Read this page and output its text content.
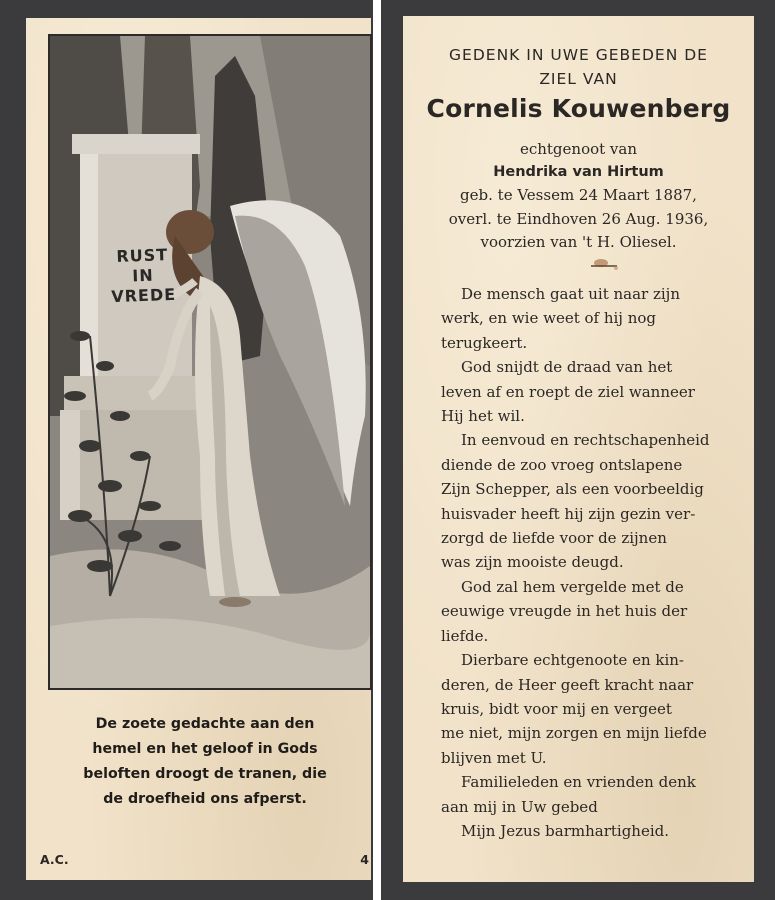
RUST
IN
VREDE
De zoete gedachte aan den
hemel en het geloof in Gods
beloften droogt de tranen, die
de droefheid ons afperst.
A.C.	4
GEDENK IN UWE GEBEDEN DE
ZIEL VAN
Cornelis Kouwenberg
echtgenoot van
Hendrika van Hirtum
geb. te Vessem 24 Maart 1887,
overl. te Eindhoven 26 Aug. 1936,
voorzien van 't H. Oliesel.
De mensch gaat uit naar zijn
werk, en wie weet of hij nog
terugkeert.
God snijdt de draad van het
leven af en roept de ziel wanneer
Hij het wil.
In eenvoud en rechtschapenheid
diende de zoo vroeg ontslapene
Zijn Schepper, als een voorbeeldig
huisvader heeft hij zijn gezin ver-
zorgd de liefde voor de zijnen
was zijn mooiste deugd.
God zal hem vergelde met de
eeuwige vreugde in het huis der
liefde.
Dierbare echtgenoote en kin-
deren, de Heer geeft kracht naar
kruis, bidt voor mij en vergeet
me niet, mijn zorgen en mijn liefde
blijven met U.
Familieleden en vrienden denk
aan mij in Uw gebed
Mijn Jezus barmhartigheid.
